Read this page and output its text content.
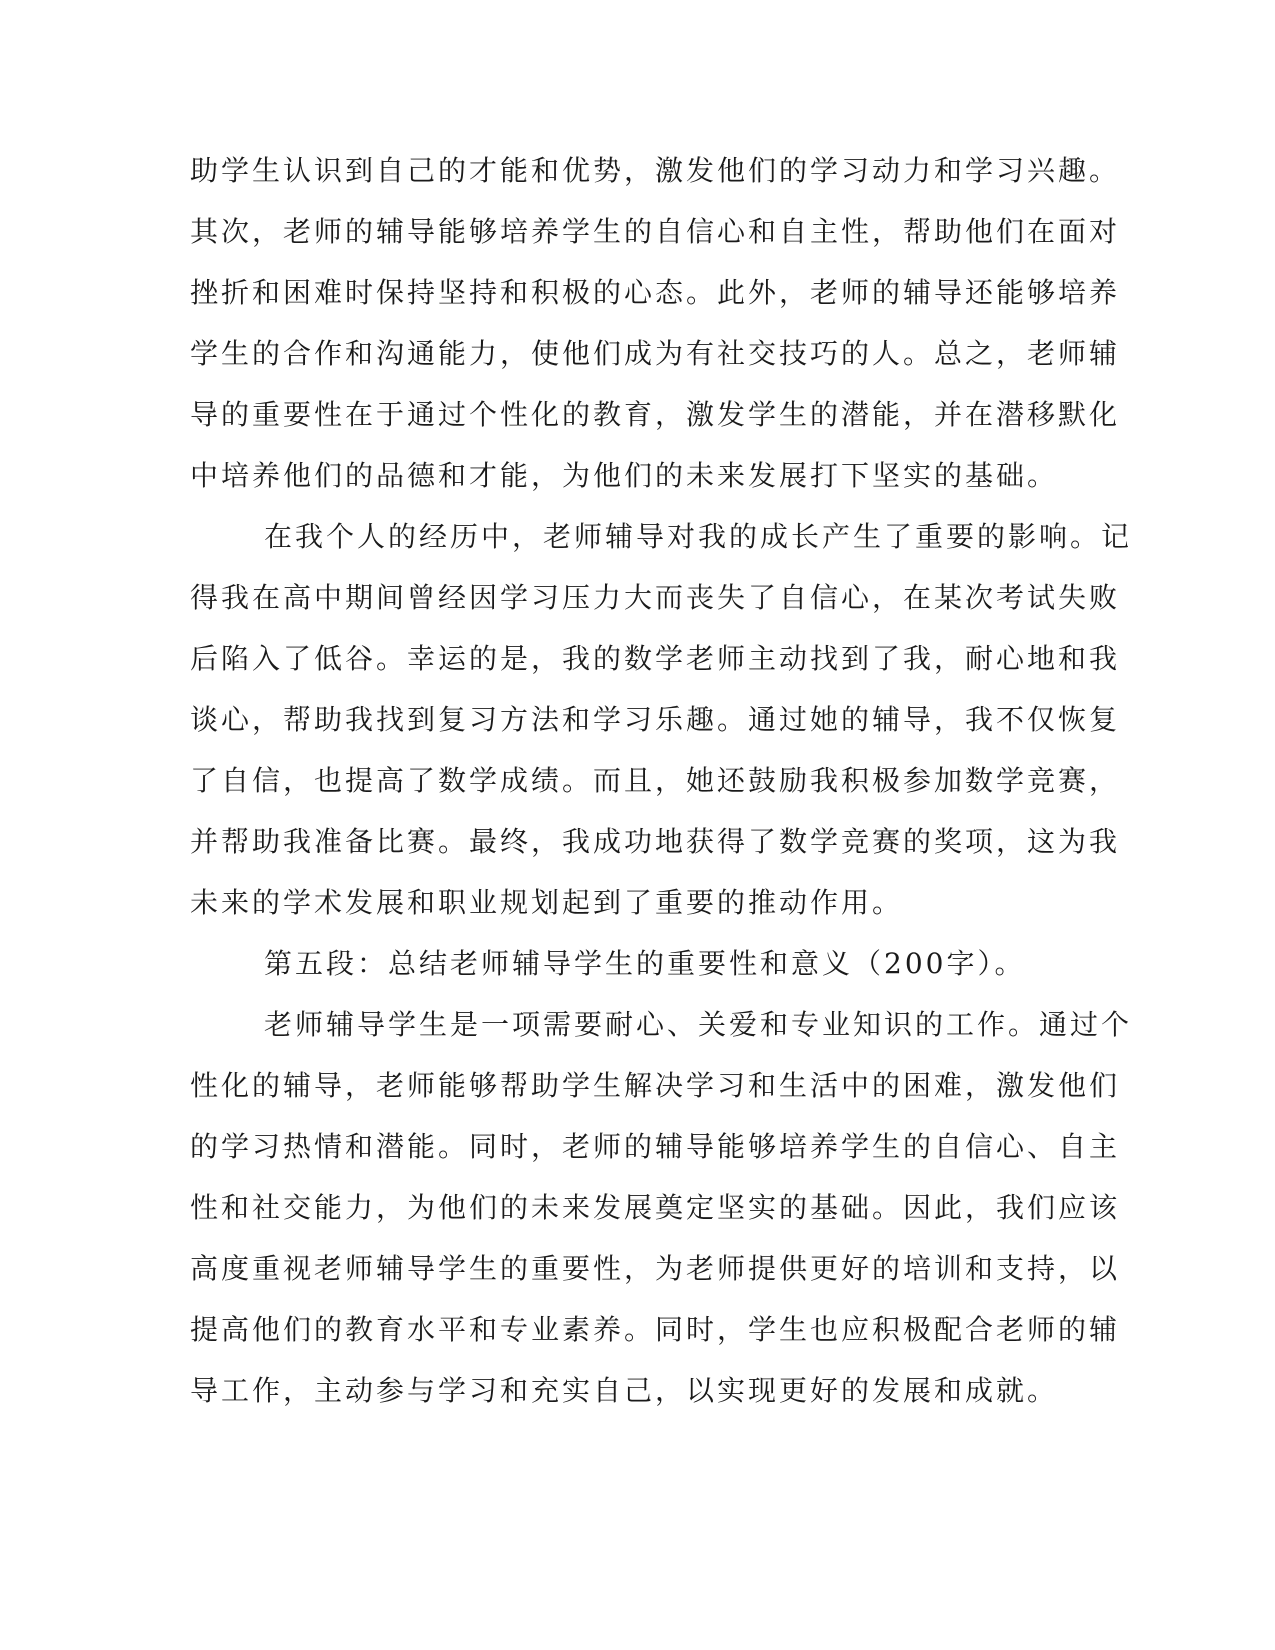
助学生认识到自己的才能和优势，激发他们的学习动力和学习兴趣。
其次，老师的辅导能够培养学生的自信心和自主性，帮助他们在面对
挫折和困难时保持坚持和积极的心态。此外，老师的辅导还能够培养
学生的合作和沟通能力，使他们成为有社交技巧的人。总之，老师辅
导的重要性在于通过个性化的教育，激发学生的潜能，并在潜移默化
中培养他们的品德和才能，为他们的未来发展打下坚实的基础。
在我个人的经历中，老师辅导对我的成长产生了重要的影响。记
得我在高中期间曾经因学习压力大而丧失了自信心，在某次考试失败
后陷入了低谷。幸运的是，我的数学老师主动找到了我，耐心地和我
谈心，帮助我找到复习方法和学习乐趣。通过她的辅导，我不仅恢复
了自信，也提高了数学成绩。而且，她还鼓励我积极参加数学竞赛，
并帮助我准备比赛。最终，我成功地获得了数学竞赛的奖项，这为我
未来的学术发展和职业规划起到了重要的推动作用。
第五段：总结老师辅导学生的重要性和意义（200字）。
老师辅导学生是一项需要耐心、关爱和专业知识的工作。通过个
性化的辅导，老师能够帮助学生解决学习和生活中的困难，激发他们
的学习热情和潜能。同时，老师的辅导能够培养学生的自信心、自主
性和社交能力，为他们的未来发展奠定坚实的基础。因此，我们应该
高度重视老师辅导学生的重要性，为老师提供更好的培训和支持，以
提高他们的教育水平和专业素养。同时，学生也应积极配合老师的辅
导工作，主动参与学习和充实自己，以实现更好的发展和成就。
